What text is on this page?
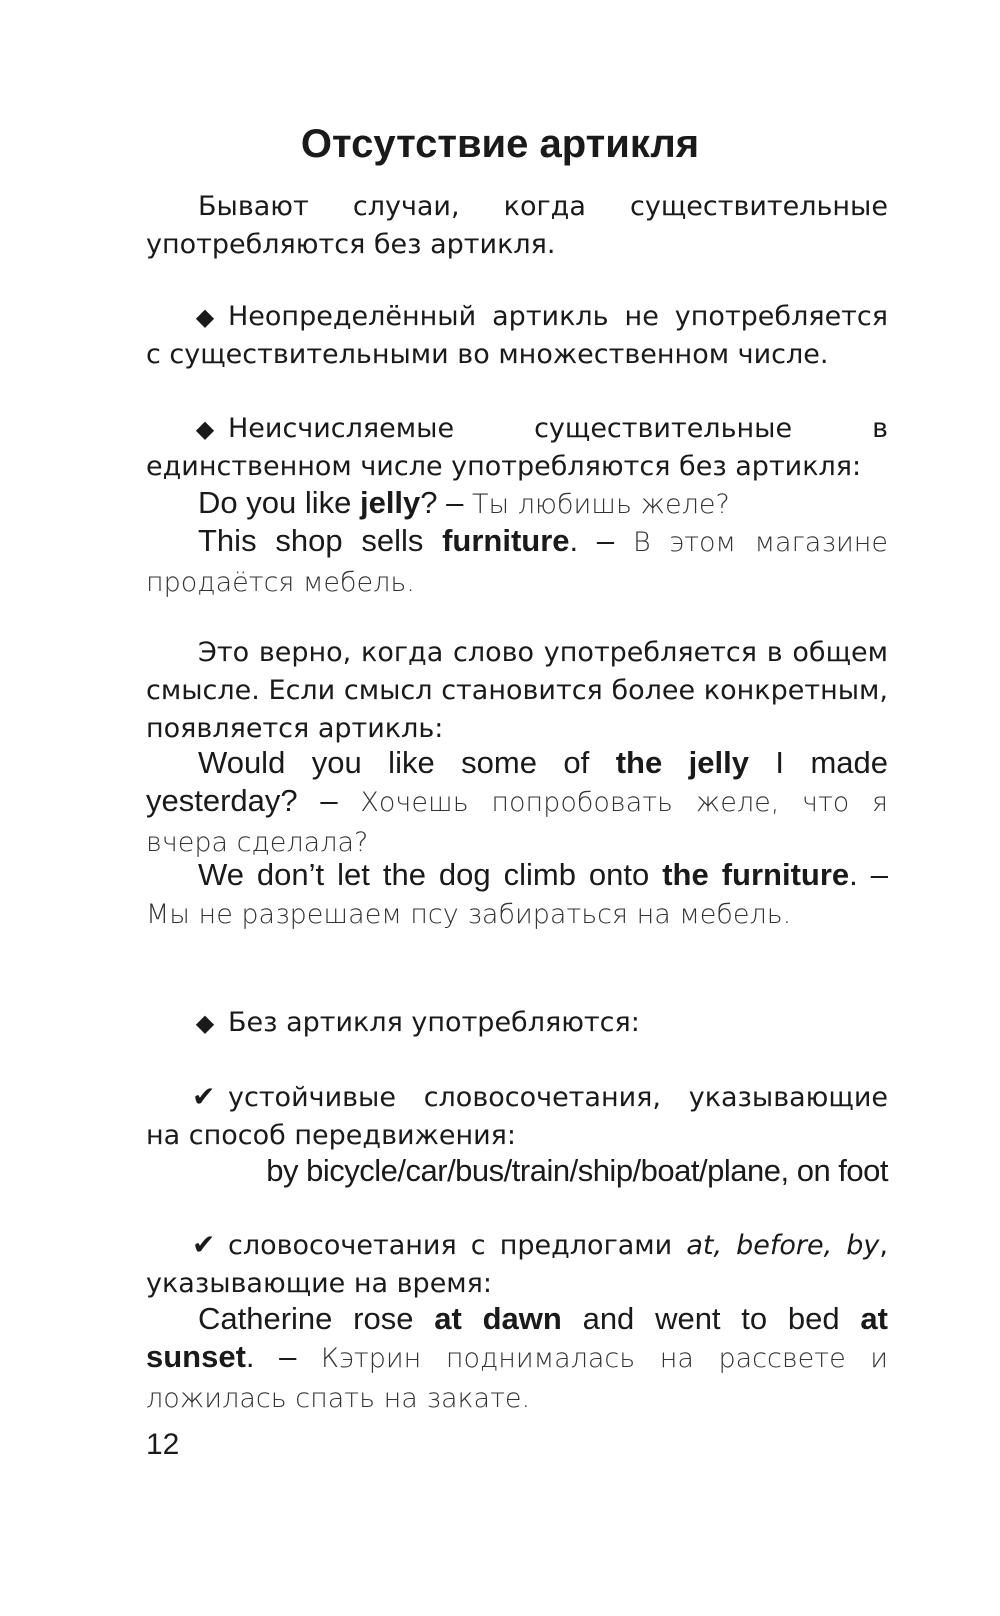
Отсутствие артикля

Бывают случаи, когда существительные употребляются без артикля.

◆ Неопределённый артикль не употребляется с существительными во множественном числе.

◆ Неисчисляемые существительные в единственном числе употребляются без артикля:

Do you like jelly? – Ты любишь желе?

This shop sells furniture. – В этом магазине продаётся мебель.

Это верно, когда слово употребляется в общем смысле. Если смысл становится более конкретным, появляется артикль:

Would you like some of the jelly I made yesterday? – Хочешь попробовать желе, что я вчера сделала?

We don’t let the dog climb onto the furniture. – Мы не разрешаем псу забираться на мебель.

◆ Без артикля употребляются:

✔ устойчивые словосочетания, указывающие на способ передвижения:

by bicycle/car/bus/train/ship/boat/plane, on foot

✔ словосочетания с предлогами at, before, by, указывающие на время:

Catherine rose at dawn and went to bed at sunset. – Кэтрин поднималась на рассвете и ложилась спать на закате.

12
